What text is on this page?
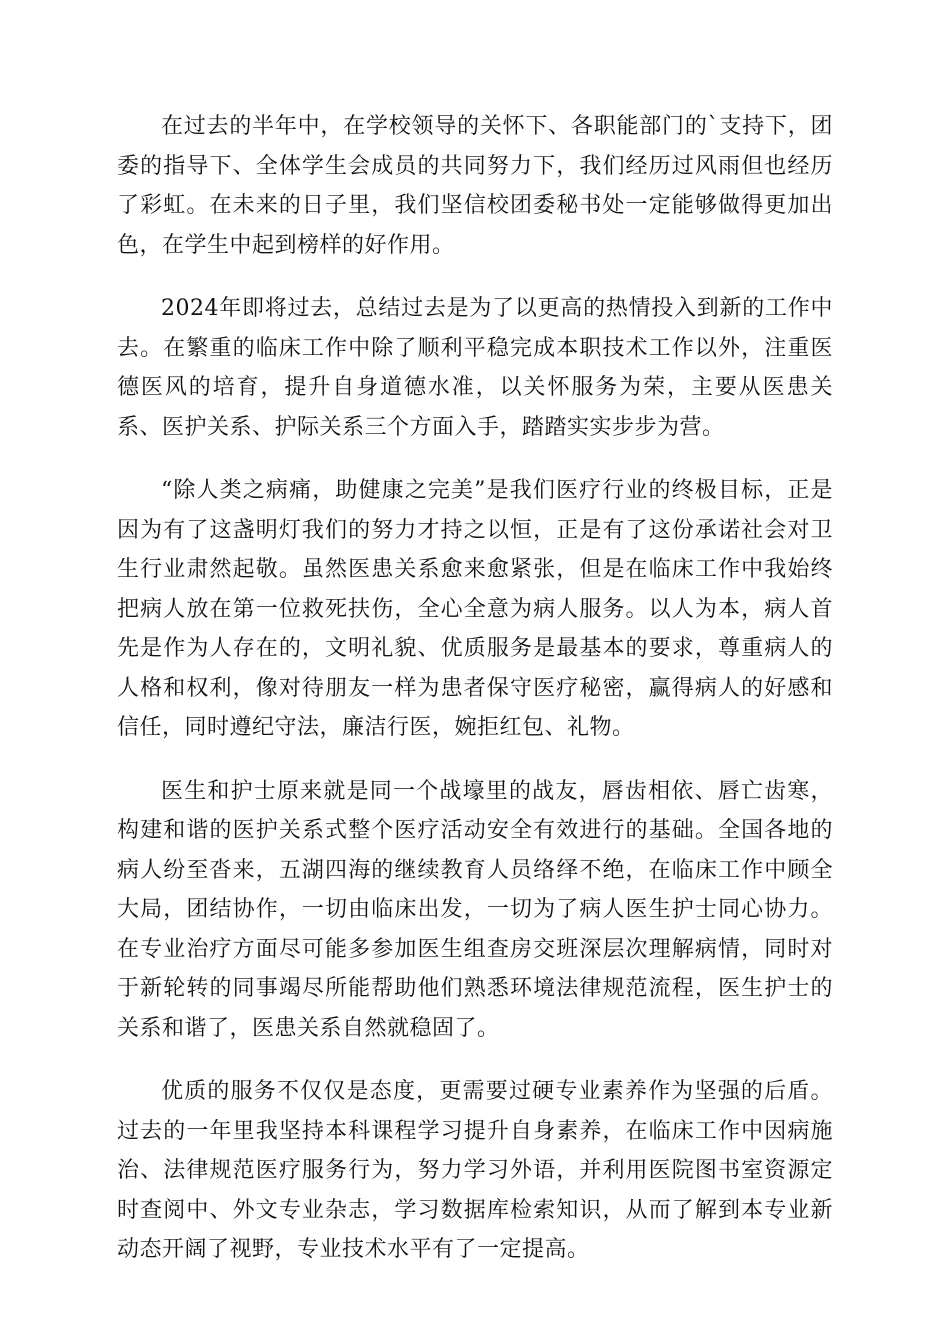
在过去的半年中，在学校领导的关怀下、各职能部门的`支持下，团委的指导下、全体学生会成员的共同努力下，我们经历过风雨但也经历了彩虹。在未来的日子里，我们坚信校团委秘书处一定能够做得更加出色，在学生中起到榜样的好作用。

2024年即将过去，总结过去是为了以更高的热情投入到新的工作中去。在繁重的临床工作中除了顺利平稳完成本职技术工作以外，注重医德医风的培育，提升自身道德水准，以关怀服务为荣，主要从医患关系、医护关系、护际关系三个方面入手，踏踏实实步步为营。

“除人类之病痛，助健康之完美”是我们医疗行业的终极目标，正是因为有了这盏明灯我们的努力才持之以恒，正是有了这份承诺社会对卫生行业肃然起敬。虽然医患关系愈来愈紧张，但是在临床工作中我始终把病人放在第一位救死扶伤，全心全意为病人服务。以人为本，病人首先是作为人存在的，文明礼貌、优质服务是最基本的要求，尊重病人的人格和权利，像对待朋友一样为患者保守医疗秘密，赢得病人的好感和信任，同时遵纪守法，廉洁行医，婉拒红包、礼物。

医生和护士原来就是同一个战壕里的战友，唇齿相依、唇亡齿寒，构建和谐的医护关系式整个医疗活动安全有效进行的基础。全国各地的病人纷至沓来，五湖四海的继续教育人员络绎不绝，在临床工作中顾全大局，团结协作，一切由临床出发，一切为了病人医生护士同心协力。在专业治疗方面尽可能多参加医生组查房交班深层次理解病情，同时对于新轮转的同事竭尽所能帮助他们熟悉环境法律规范流程，医生护士的关系和谐了，医患关系自然就稳固了。

优质的服务不仅仅是态度，更需要过硬专业素养作为坚强的后盾。过去的一年里我坚持本科课程学习提升自身素养，在临床工作中因病施治、法律规范医疗服务行为，努力学习外语，并利用医院图书室资源定时查阅中、外文专业杂志，学习数据库检索知识，从而了解到本专业新动态开阔了视野，专业技术水平有了一定提高。
